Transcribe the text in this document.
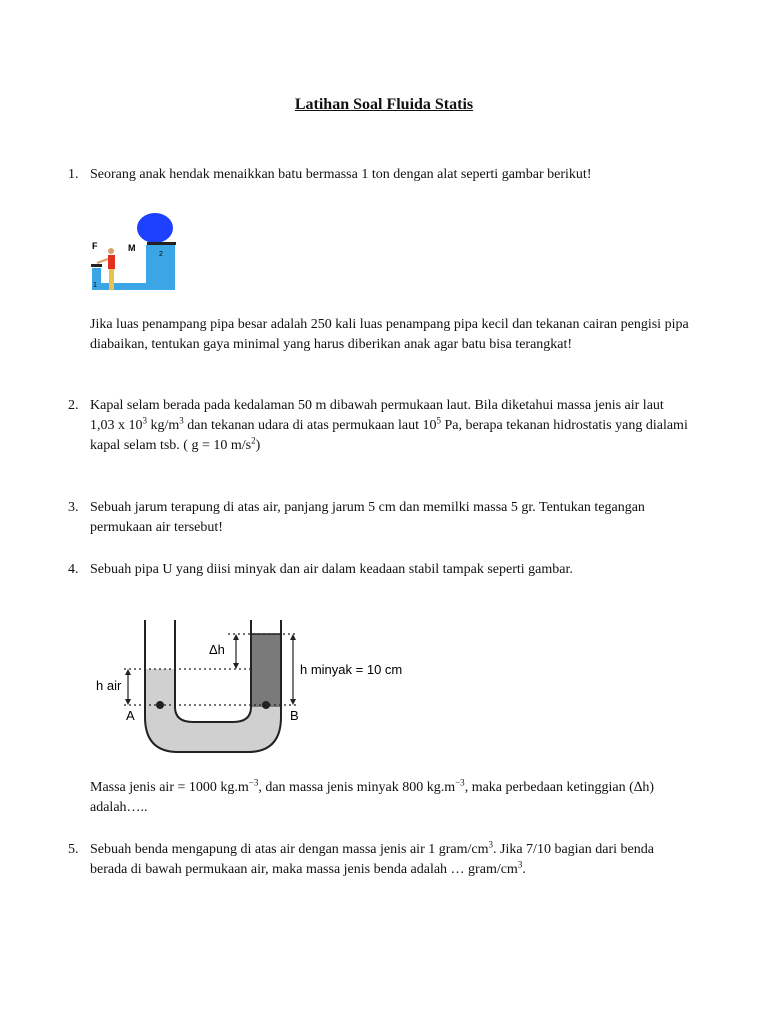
Latihan Soal Fluida Statis
1. Seorang anak hendak menaikkan batu bermassa 1 ton dengan alat seperti gambar berikut!
F	M
1
2
Jika luas penampang pipa besar adalah 250 kali luas penampang pipa kecil dan tekanan cairan pengisi pipa diabaikan, tentukan gaya minimal yang harus diberikan anak agar batu bisa terangkat!
2. Kapal selam berada pada kedalaman 50 m dibawah permukaan laut. Bila diketahui massa jenis air laut 1,03 x $10^3$ $kg/m^3$ dan tekanan udara di atas permukaan laut $10^5$ Pa, berapa tekanan hidrostatis yang dialami kapal selam tsb. ( g = 10 $m/s^2$)
3. Sebuah jarum terapung di atas air, panjang jarum 5 cm dan memilki massa 5 gr. Tentukan tegangan permukaan air tersebut!
4. Sebuah pipa U yang diisi minyak dan air dalam keadaan stabil tampak seperti gambar.
Δh
h air
h minyak = 10 cm
A	B
Massa jenis air = 1000 $kg.m^{-3}$, dan massa jenis minyak 800 $kg.m^{-3}$, maka perbedaan ketinggian (∆h) adalah…..
5. Sebuah benda mengapung di atas air dengan massa jenis air 1 gram/$cm^3$. Jika 7/10 bagian dari benda berada di bawah permukaan air, maka massa jenis benda adalah … gram/$cm^3$.
